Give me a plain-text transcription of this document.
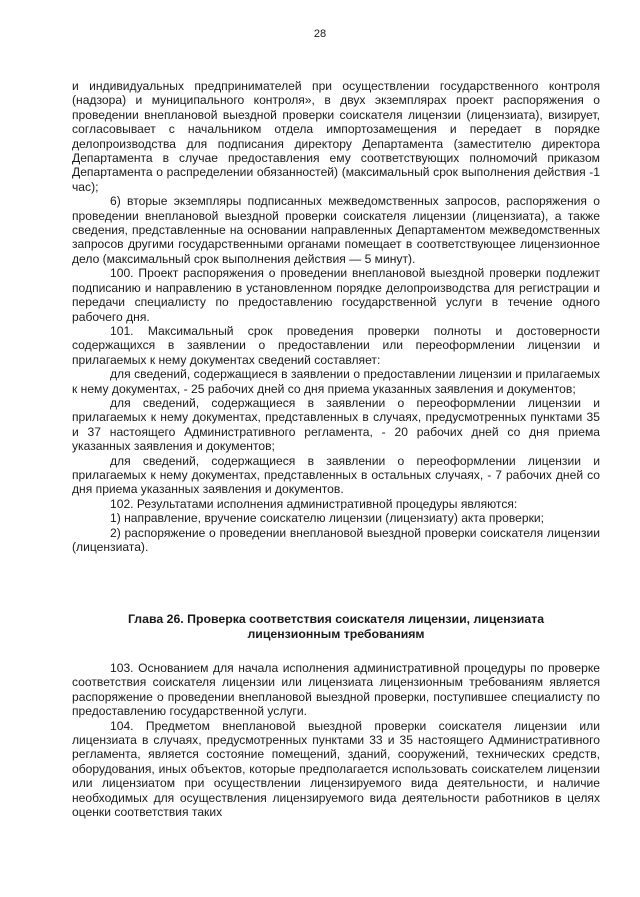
28

и индивидуальных предпринимателей при осуществлении государственного контроля (надзора) и муниципального контроля», в двух экземплярах проект распоряжения о проведении внеплановой выездной проверки соискателя лицензии (лицензиата), визирует, согласовывает с начальником отдела импортозамещения и передает в порядке делопроизводства для подписания директору Департамента (заместителю директора Департамента в случае предоставления ему соответствующих полномочий приказом Департамента о распределении обязанностей) (максимальный срок выполнения действия -1 час);

6) вторые экземпляры подписанных межведомственных запросов, распоряжения о проведении внеплановой выездной проверки соискателя лицензии (лицензиата), а также сведения, представленные на основании направленных Департаментом межведомственных запросов другими государственными органами помещает в соответствующее лицензионное дело (максимальный срок выполнения действия — 5 минут).

100. Проект распоряжения о проведении внеплановой выездной проверки подлежит подписанию и направлению в установленном порядке делопроизводства для регистрации и передачи специалисту по предоставлению государственной услуги в течение одного рабочего дня.

101. Максимальный срок проведения проверки полноты и достоверности содержащихся в заявлении о предоставлении или переоформлении лицензии и прилагаемых к нему документах сведений составляет:

для сведений, содержащиеся в заявлении о предоставлении лицензии и прилагаемых к нему документах, - 25 рабочих дней со дня приема указанных заявления и документов;

для сведений, содержащиеся в заявлении о переоформлении лицензии и прилагаемых к нему документах, представленных в случаях, предусмотренных пунктами 35 и 37 настоящего Административного регламента, - 20 рабочих дней со дня приема указанных заявления и документов;

для сведений, содержащиеся в заявлении о переоформлении лицензии и прилагаемых к нему документах, представленных в остальных случаях, - 7 рабочих дней со дня приема указанных заявления и документов.

102. Результатами исполнения административной процедуры являются:

1) направление, вручение соискателю лицензии (лицензиату) акта проверки;

2) распоряжение о проведении внеплановой выездной проверки соискателя лицензии (лицензиата).

Глава 26. Проверка соответствия соискателя лицензии, лицензиата

лицензионным требованиям

103. Основанием для начала исполнения административной процедуры по проверке соответствия соискателя лицензии или лицензиата лицензионным требованиям является распоряжение о проведении внеплановой выездной проверки, поступившее специалисту по предоставлению государственной услуги.

104. Предметом внеплановой выездной проверки соискателя лицензии или лицензиата в случаях, предусмотренных пунктами 33 и 35 настоящего Административного регламента, является состояние помещений, зданий, сооружений, технических средств, оборудования, иных объектов, которые предполагается использовать соискателем лицензии или лицензиатом при осуществлении лицензируемого вида деятельности, и наличие необходимых для осуществления лицензируемого вида деятельности работников в целях оценки соответствия таких
